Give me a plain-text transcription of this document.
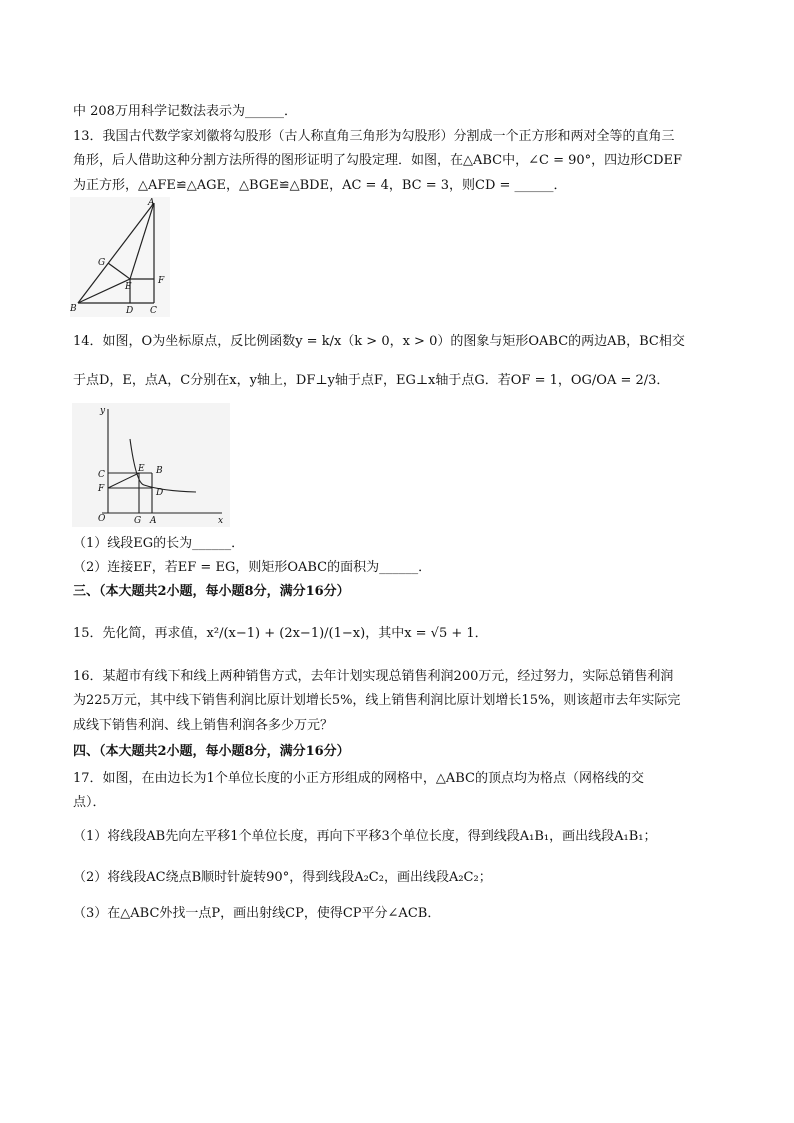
中 208万用科学记数法表示为______．
13．我国古代数学家刘徽将勾股形（古人称直角三角形为勾股形）分割成一个正方形和两对全等的直角三
角形，后人借助这种分割方法所得的图形证明了勾股定理．如图，在△ABC中，∠C = 90°，四边形CDEF
为正方形，△AFE≌△AGE，△BGE≌△BDE，AC = 4，BC = 3，则CD = ______．
A
G
F
E
B	D C
14．如图，O为坐标原点，反比例函数y = k/x（k > 0，x > 0）的图象与矩形OABC的两边AB，BC相交
于点D，E，点A，C分别在x，y轴上，DF⊥y轴于点F，EG⊥x轴于点G．若OF = 1，OG/OA = 2/3．
y
C
E B
F	D
O	G A	x
（1）线段EG的长为______．
（2）连接EF，若EF = EG，则矩形OABC的面积为______．
三、（本大题共2小题，每小题8分，满分16分）
15．先化简，再求值，x²/(x−1) + (2x−1)/(1−x)，其中x = √5 + 1．
16．某超市有线下和线上两种销售方式，去年计划实现总销售利润200万元，经过努力，实际总销售利润
为225万元，其中线下销售利润比原计划增长5%，线上销售利润比原计划增长15%，则该超市去年实际完
成线下销售利润、线上销售利润各多少万元？
四、（本大题共2小题，每小题8分，满分16分）
17．如图，在由边长为1个单位长度的小正方形组成的网格中，△ABC的顶点均为格点（网格线的交
点）．
（1）将线段AB先向左平移1个单位长度，再向下平移3个单位长度，得到线段A₁B₁，画出线段A₁B₁；
（2）将线段AC绕点B顺时针旋转90°，得到线段A₂C₂，画出线段A₂C₂；
（3）在△ABC外找一点P，画出射线CP，使得CP平分∠ACB．
